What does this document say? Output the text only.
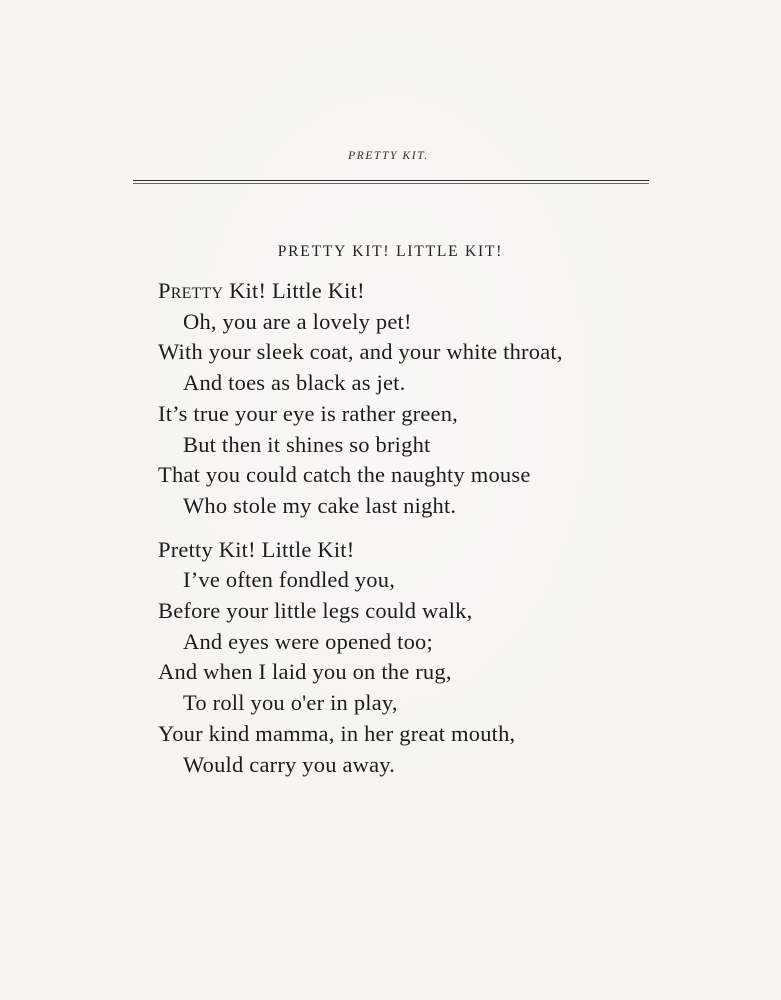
PRETTY KIT.
PRETTY KIT! LITTLE KIT!
Pretty Kit! Little Kit!
Oh, you are a lovely pet!
With your sleek coat, and your white throat,
And toes as black as jet.
It’s true your eye is rather green,
But then it shines so bright
That you could catch the naughty mouse
Who stole my cake last night.
Pretty Kit! Little Kit!
I’ve often fondled you,
Before your little legs could walk,
And eyes were opened too;
And when I laid you on the rug,
To roll you o'er in play,
Your kind mamma, in her great mouth,
Would carry you away.
